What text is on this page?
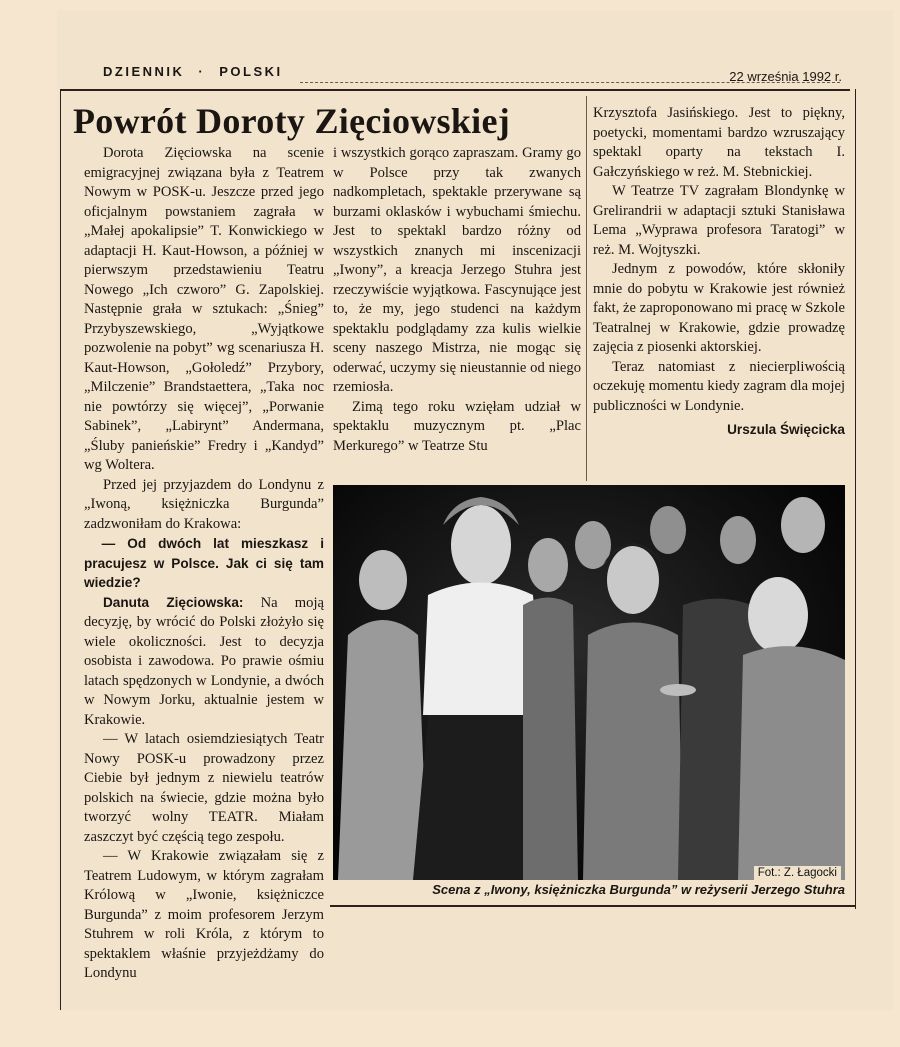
DZIENNIK · POLSKI	22 września 1992 r.
Powrót Doroty Zięciowskiej

Dorota Zięciowska na scenie emigracyjnej związana była z Teatrem Nowym w POSK-u. Jeszcze przed jego oficjalnym powstaniem zagrała w „Małej apokalipsie” T. Konwickiego w adaptacji H. Kaut-Howson, a później w pierwszym przedstawieniu Teatru Nowego „Ich czworo” G. Zapolskiej. Następnie grała w sztukach: „Śnieg” Przybyszewskiego, „Wyjątkowe pozwolenie na pobyt” wg scenariusza H. Kaut-Howson, „Gołoledź” Przybory, „Milczenie” Brandstaettera, „Taka noc nie powtórzy się więcej”, „Porwanie Sabinek”, „Labirynt” Andermana, „Śluby panieńskie” Fredry i „Kandyd” wg Woltera.

Przed jej przyjazdem do Londynu z „Iwoną, księżniczka Burgunda” zadzwoniłam do Krakowa:

— Od dwóch lat mieszkasz i pracujesz w Polsce. Jak ci się tam wiedzie?

Danuta Zięciowska: Na moją decyzję, by wrócić do Polski złożyło się wiele okoliczności. Jest to decyzja osobista i zawodowa. Po prawie ośmiu latach spędzonych w Londynie, a dwóch w Nowym Jorku, aktualnie jestem w Krakowie.

— W latach osiemdziesiątych Teatr Nowy POSK-u prowadzony przez Ciebie był jednym z niewielu teatrów polskich na świecie, gdzie można było tworzyć wolny TEATR. Miałam zaszczyt być częścią tego zespołu.

— W Krakowie związałam się z Teatrem Ludowym, w którym zagrałam Królową w „Iwonie, księżniczce Burgunda” z moim profesorem Jerzym Stuhrem w roli Króla, z którym to spektaklem właśnie przyjeżdżamy do Londynu

i wszystkich gorąco zapraszam. Gramy go w Polsce przy tak zwanych nadkompletach, spektakle przerywane są burzami oklasków i wybuchami śmiechu. Jest to spektakl bardzo różny od wszystkich znanych mi inscenizacji „Iwony”, a kreacja Jerzego Stuhra jest rzeczywiście wyjątkowa. Fascynujące jest to, że my, jego studenci na każdym spektaklu podglądamy zza kulis wielkie sceny naszego Mistrza, nie mogąc się oderwać, uczymy się nieustannie od niego rzemiosła.

Zimą tego roku wzięłam udział w spektaklu muzycznym pt. „Plac Merkurego” w Teatrze Stu

Krzysztofa Jasińskiego. Jest to piękny, poetycki, momentami bardzo wzruszający spektakl oparty na tekstach I. Gałczyńskiego w reż. M. Stebnickiej.

W Teatrze TV zagrałam Blondynkę w Grelirandrii w adaptacji sztuki Stanisława Lema „Wyprawa profesora Taratogi” w reż. M. Wojtyszki.

Jednym z powodów, które skłoniły mnie do pobytu w Krakowie jest również fakt, że zaproponowano mi pracę w Szkole Teatralnej w Krakowie, gdzie prowadzę zajęcia z piosenki aktorskiej.

Teraz natomiast z niecierpliwością oczekuję momentu kiedy zagram dla mojej publiczności w Londynie.

Urszula Święcicka
Fot.: Z. Łagocki
Scena z „Iwony, księżniczka Burgunda” w reżyserii Jerzego Stuhra
